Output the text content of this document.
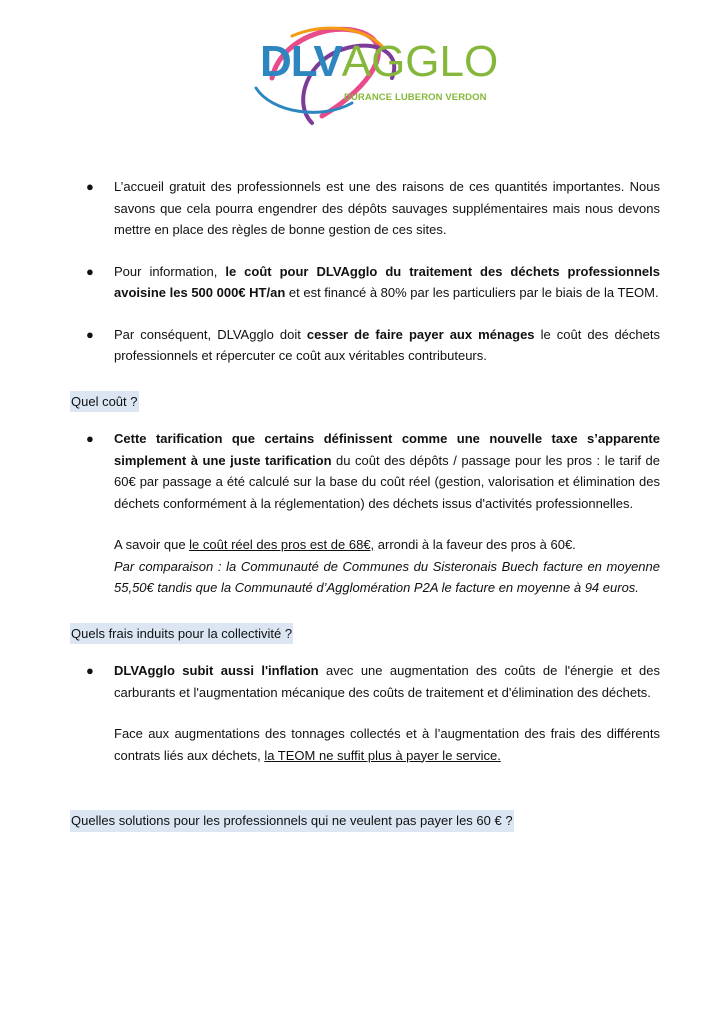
DLVAGGLO
DURANCE LUBERON VERDON
● L’accueil gratuit des professionnels est une des raisons de ces quantités importantes. Nous savons que cela pourra engendrer des dépôts sauvages supplémentaires mais nous devons mettre en place des règles de bonne gestion de ces sites.
● Pour information, le coût pour DLVAgglo du traitement des déchets professionnels avoisine les 500 000€ HT/an et est financé à 80% par les particuliers par le biais de la TEOM.
● Par conséquent, DLVAgglo doit cesser de faire payer aux ménages le coût des déchets professionnels et répercuter ce coût aux véritables contributeurs.
Quel coût ?
● Cette tarification que certains définissent comme une nouvelle taxe s’apparente simplement à une juste tarification du coût des dépôts / passage pour les pros : le tarif de 60€ par passage a été calculé sur la base du coût réel (gestion, valorisation et élimination des déchets conformément à la réglementation) des déchets issus d'activités professionnelles.
A savoir que le coût réel des pros est de 68€, arrondi à la faveur des pros à 60€.
Par comparaison : la Communauté de Communes du Sisteronais Buech facture en moyenne 55,50€ tandis que la Communauté d’Agglomération P2A le facture en moyenne à 94 euros.
Quels frais induits pour la collectivité ?
● DLVAgglo subit aussi l'inflation avec une augmentation des coûts de l'énergie et des carburants et l'augmentation mécanique des coûts de traitement et d'élimination des déchets.
Face aux augmentations des tonnages collectés et à l’augmentation des frais des différents contrats liés aux déchets, la TEOM ne suffit plus à payer le service.
Quelles solutions pour les professionnels qui ne veulent pas payer les 60 € ?
